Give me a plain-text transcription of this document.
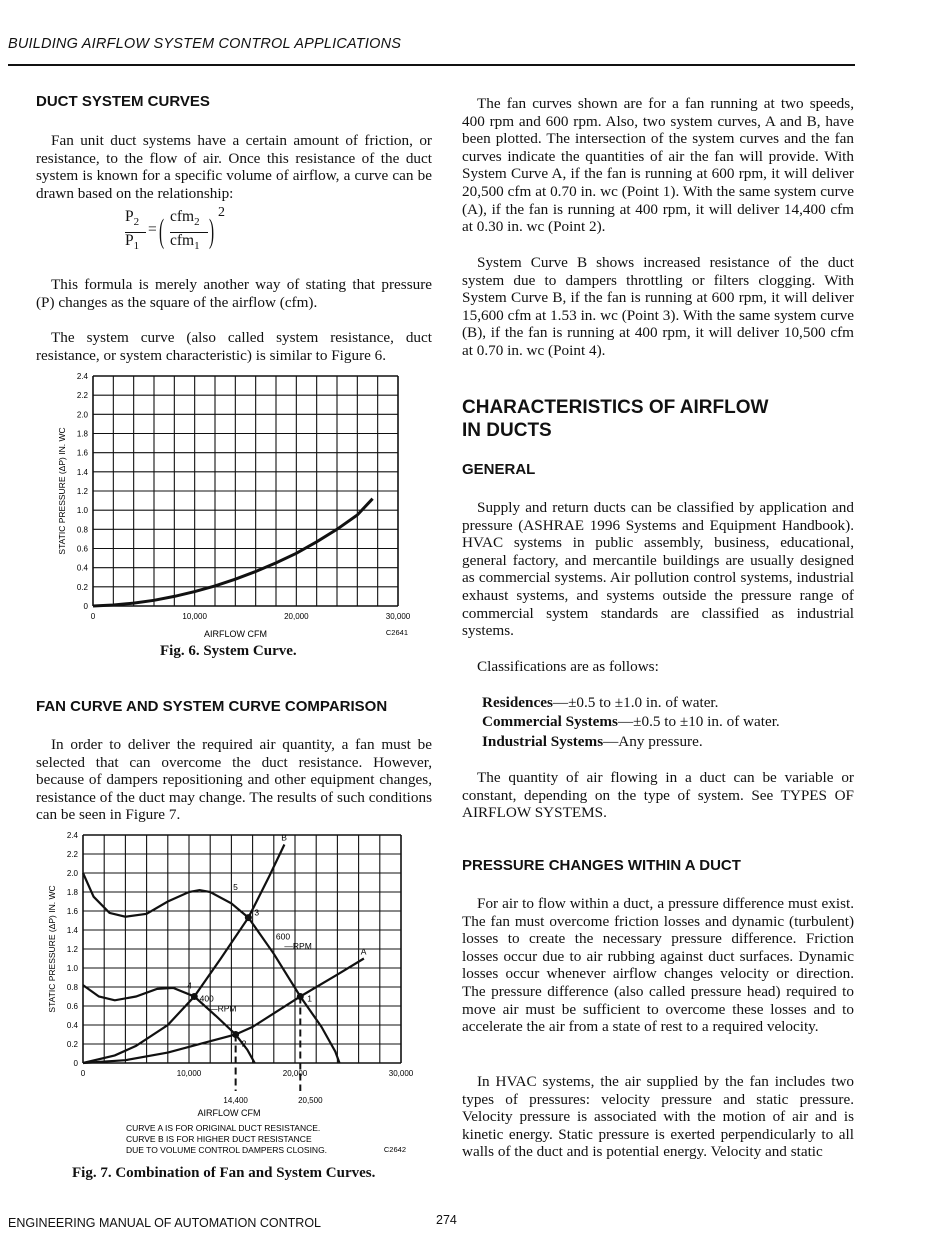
BUILDING AIRFLOW SYSTEM CONTROL APPLICATIONS
DUCT SYSTEM CURVES

Fan unit duct systems have a certain amount of friction, or resistance, to the flow of air. Once this resistance of the duct system is known for a specific volume of airflow, a curve can be drawn based on the relationship:

$P_2$
$P_1$
= ( cfm$_2$
cfm$_1$ )
2

This formula is merely another way of stating that pressure (P) changes as the square of the airflow (cfm).

The system curve (also called system resistance, duct resistance, or system characteristic) is similar to Figure 6.

0
0.2
0.4
0.6
0.8
1.0
1.2
1.4
1.6
1.8
2.0
2.2
2.4
0	10,000	20,000	30,000
STATIC PRESSURE (ΔP) IN. WC
AIRFLOW CFM	C2641
Fig. 6. System Curve.
FAN CURVE AND SYSTEM CURVE COMPARISON

In order to deliver the required air quantity, a fan must be selected that can overcome the duct resistance. However, because of dampers repositioning and other equipment changes, resistance of the duct may change. The results of such conditions can be seen in Figure 7.

0
0.2
0.4
0.6
0.8
1.0
1.2
1.4
1.6
1.8
2.0
2.2
2.4
0	10,000	20,000	30,000
STATIC PRESSURE (ΔP) IN. WC
14,400	20,500
1
2
3
4
5
A
B
600
—RPM
400
—RPM
AIRFLOW CFM
CURVE A IS FOR ORIGINAL DUCT RESISTANCE.
CURVE B IS FOR HIGHER DUCT RESISTANCE
DUE TO VOLUME CONTROL DAMPERS CLOSING.	C2642
Fig. 7. Combination of Fan and System Curves.

The fan curves shown are for a fan running at two speeds, 400 rpm and 600 rpm. Also, two system curves, A and B, have been plotted. The intersection of the system curves and the fan curves indicate the quantities of air the fan will provide. With System Curve A, if the fan is running at 600 rpm, it will deliver 20,500 cfm at 0.70 in. wc (Point 1). With the same system curve (A), if the fan is running at 400 rpm, it will deliver 14,400 cfm at 0.30 in. wc (Point 2).

System Curve B shows increased resistance of the duct system due to dampers throttling or filters clogging. With System Curve B, if the fan is running at 600 rpm, it will deliver 15,600 cfm at 1.53 in. wc (Point 3). With the same system curve (B), if the fan is running at 400 rpm, it will deliver 10,500 cfm at 0.70 in. wc (Point 4).

CHARACTERISTICS OF AIRFLOW
IN DUCTS
GENERAL

Supply and return ducts can be classified by application and pressure (ASHRAE 1996 Systems and Equipment Handbook). HVAC systems in public assembly, business, educational, general factory, and mercantile buildings are usually designed as commercial systems. Air pollution control systems, industrial exhaust systems, and systems outside the pressure range of commercial system standards are classified as industrial systems.

Classifications are as follows:

Residences—±0.5 to ±1.0 in. of water.
Commercial Systems—±0.5 to ±10 in. of water.
Industrial Systems—Any pressure.

The quantity of air flowing in a duct can be variable or constant, depending on the type of system. See TYPES OF AIRFLOW SYSTEMS.

PRESSURE CHANGES WITHIN A DUCT

For air to flow within a duct, a pressure difference must exist. The fan must overcome friction losses and dynamic (turbulent) losses to create the necessary pressure difference. Friction losses occur due to air rubbing against duct surfaces. Dynamic losses occur whenever airflow changes velocity or direction. The pressure difference (also called pressure head) required to move air must be sufficient to overcome these losses and to accelerate the air from a state of rest to a required velocity.

In HVAC systems, the air supplied by the fan includes two types of pressures: velocity pressure and static pressure. Velocity pressure is associated with the motion of air and is kinetic energy. Static pressure is exerted perpendicularly to all walls of the duct and is potential energy. Velocity and static

ENGINEERING MANUAL OF AUTOMATION CONTROL	274
